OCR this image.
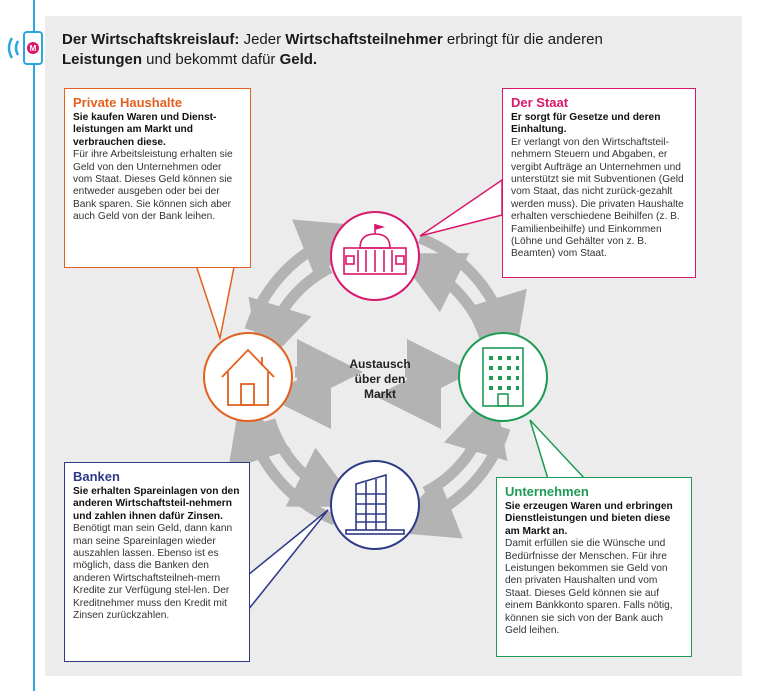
M
Der Wirtschaftskreislauf: Jeder Wirtschaftsteilnehmer erbringt für die anderen
Leistungen und bekommt dafür Geld.
Austausch
über den
Markt
Private Haushalte
Sie kaufen Waren und Dienst-leistungen am Markt und verbrauchen diese.
Für ihre Arbeitsleistung erhalten sie Geld von den Unternehmen oder vom Staat. Dieses Geld können sie entweder ausgeben oder bei der Bank sparen. Sie können sich aber auch Geld von der Bank leihen.
Der Staat
Er sorgt für Gesetze und deren Einhaltung.
Er verlangt von den Wirtschaftsteil-nehmern Steuern und Abgaben, er vergibt Aufträge an Unternehmen und unterstützt sie mit Subventionen (Geld vom Staat, das nicht zurück-gezahlt werden muss). Die privaten Haushalte erhalten verschiedene Beihilfen (z. B. Familienbeihilfe) und Einkommen (Löhne und Gehälter von z. B. Beamten) vom Staat.
Banken
Sie erhalten Spareinlagen von den anderen Wirtschaftsteil-nehmern und zahlen ihnen dafür Zinsen.
Benötigt man sein Geld, dann kann man seine Spareinlagen wieder auszahlen lassen. Ebenso ist es möglich, dass die Banken den anderen Wirtschaftsteilneh-mern Kredite zur Verfügung stel-len. Der Kreditnehmer muss den Kredit mit Zinsen zurückzahlen.
Unternehmen
Sie erzeugen Waren und erbringen Dienstleistungen und bieten diese am Markt an.
Damit erfüllen sie die Wünsche und Bedürfnisse der Menschen. Für ihre Leistungen bekommen sie Geld von den privaten Haushalten und vom Staat. Dieses Geld können sie auf einem Bankkonto sparen. Falls nötig, können sie sich von der Bank auch Geld leihen.
